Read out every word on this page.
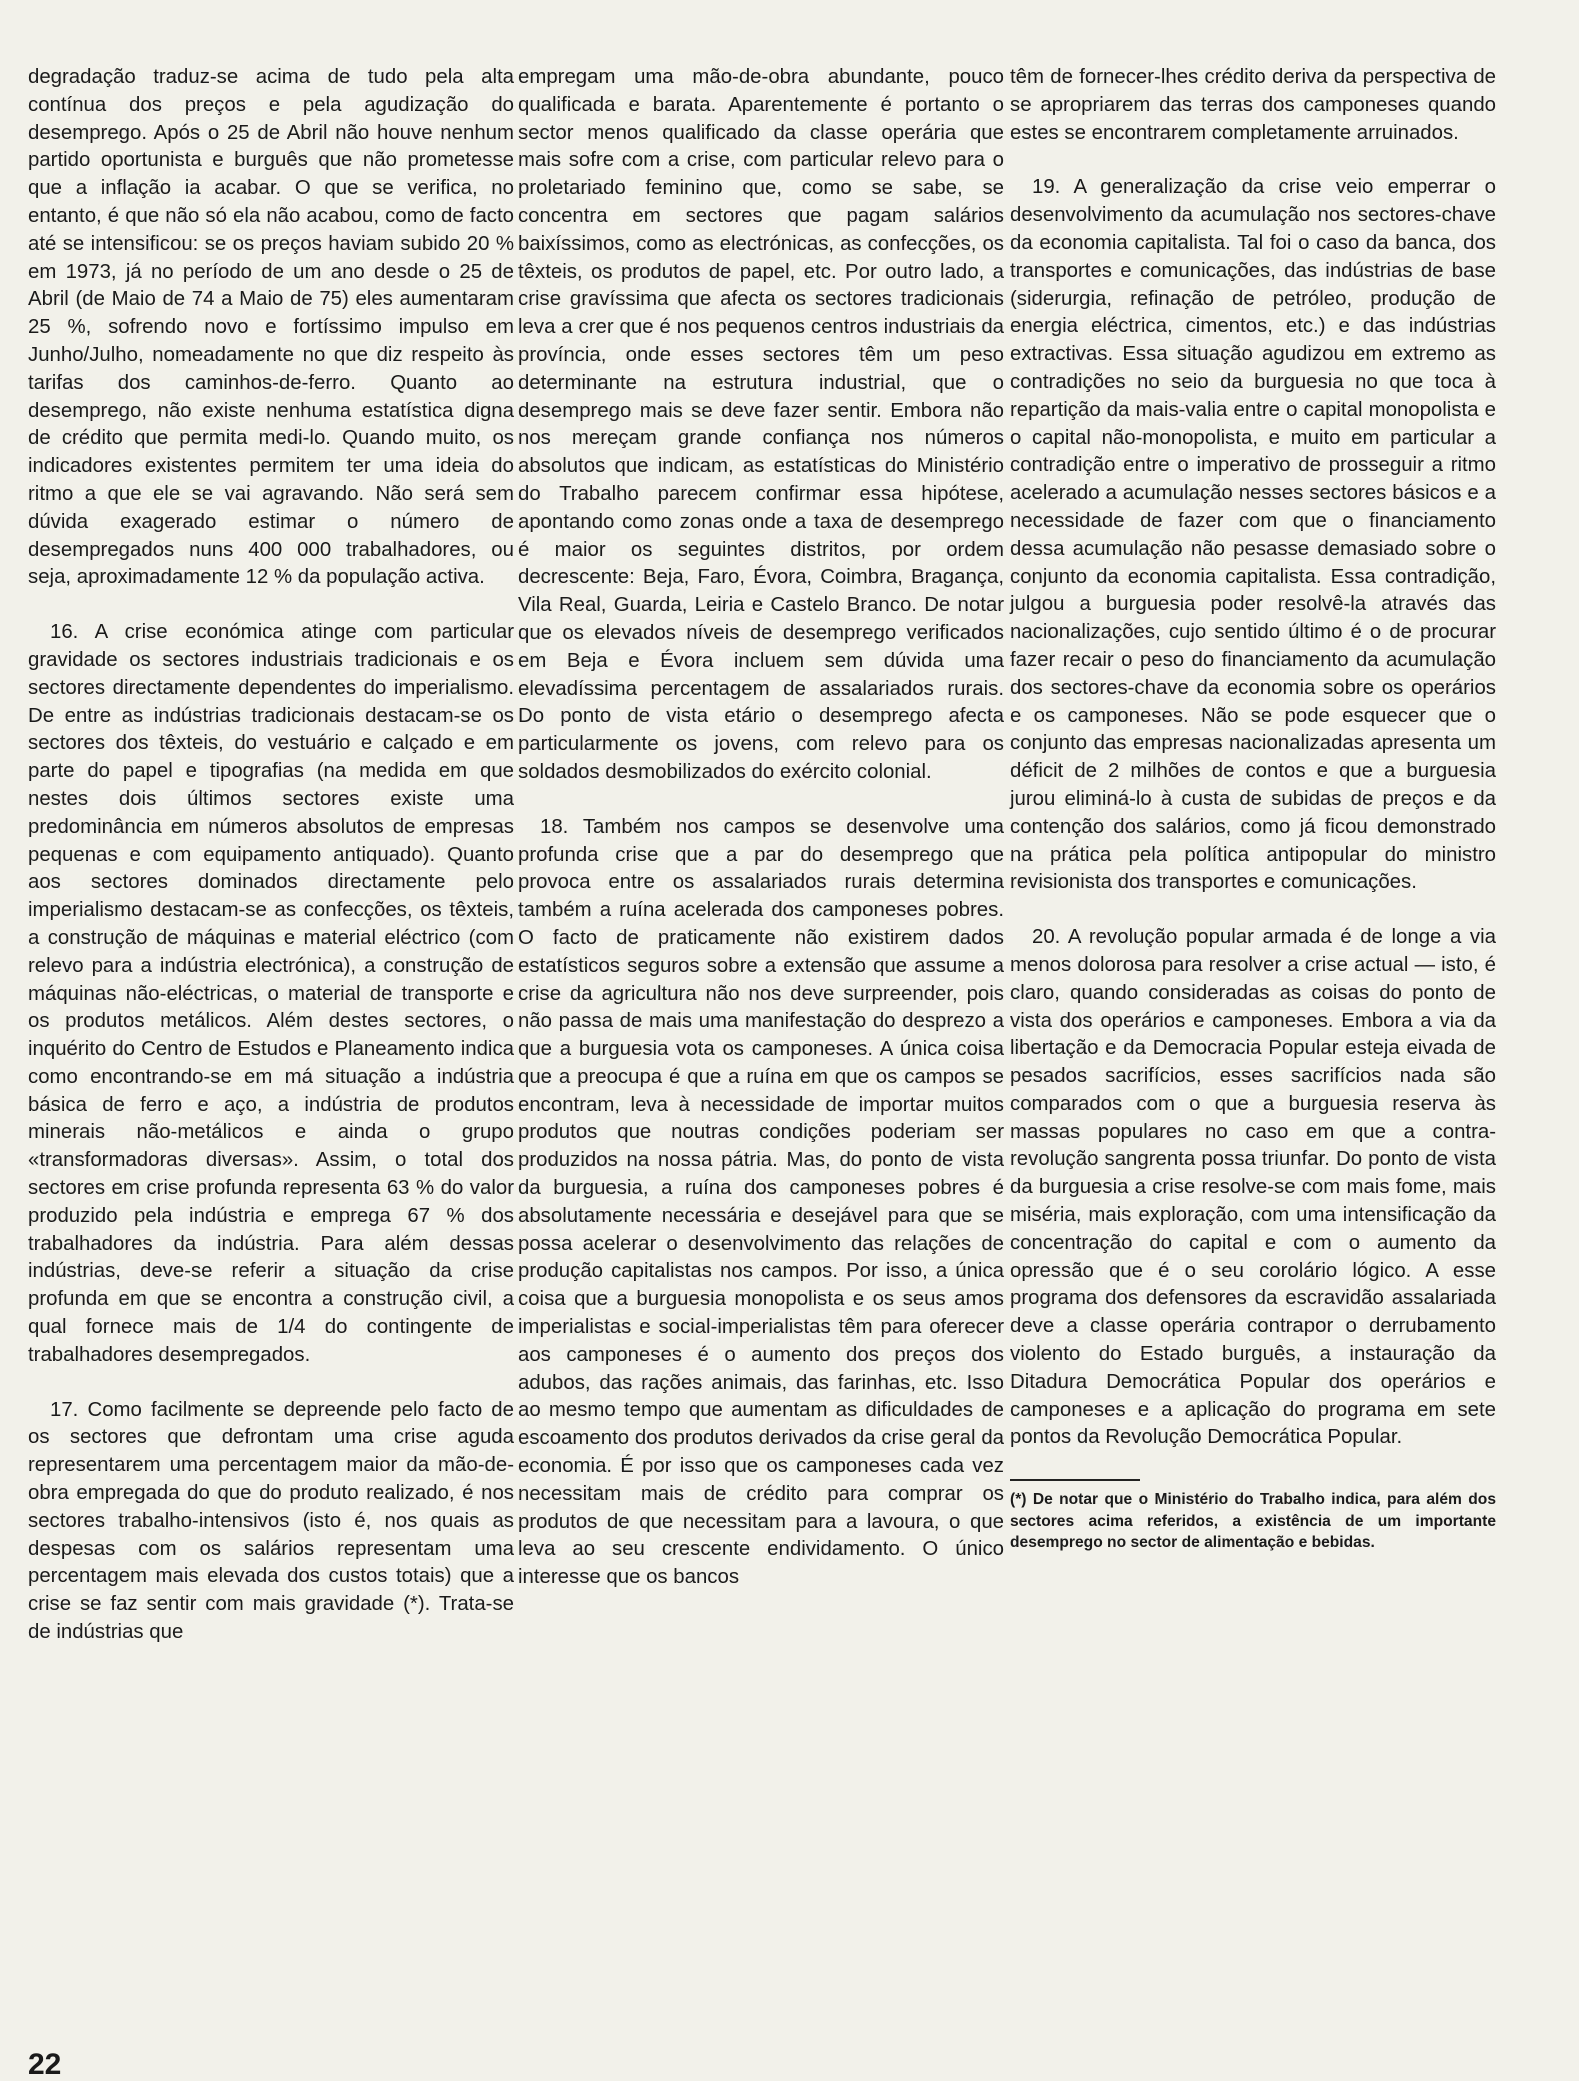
degradação traduz-se acima de tudo pela alta contínua dos preços e pela agudização do desemprego. Após o 25 de Abril não houve nenhum partido oportunista e burguês que não prometesse que a inflação ia acabar. O que se verifica, no entanto, é que não só ela não acabou, como de facto até se intensificou: se os preços haviam subido 20 % em 1973, já no período de um ano desde o 25 de Abril (de Maio de 74 a Maio de 75) eles aumentaram 25 %, sofrendo novo e fortíssimo impulso em Junho/Julho, nomeadamente no que diz respeito às tarifas dos caminhos-de-ferro. Quanto ao desemprego, não existe nenhuma estatística digna de crédito que permita medi-lo. Quando muito, os indicadores existentes permitem ter uma ideia do ritmo a que ele se vai agravando. Não será sem dúvida exagerado estimar o número de desempregados nuns 400 000 trabalhadores, ou seja, aproximadamente 12 % da população activa.

16. A crise económica atinge com particular gravidade os sectores industriais tradicionais e os sectores directamente dependentes do imperialismo. De entre as indústrias tradicionais destacam-se os sectores dos têxteis, do vestuário e calçado e em parte do papel e tipografias (na medida em que nestes dois últimos sectores existe uma predominância em números absolutos de empresas pequenas e com equipamento antiquado). Quanto aos sectores dominados directamente pelo imperialismo destacam-se as confecções, os têxteis, a construção de máquinas e material eléctrico (com relevo para a indústria electrónica), a construção de máquinas não-eléctricas, o material de transporte e os produtos metálicos. Além destes sectores, o inquérito do Centro de Estudos e Planeamento indica como encontrando-se em má situação a indústria básica de ferro e aço, a indústria de produtos minerais não-metálicos e ainda o grupo «transformadoras diversas». Assim, o total dos sectores em crise profunda representa 63 % do valor produzido pela indústria e emprega 67 % dos trabalhadores da indústria. Para além dessas indústrias, deve-se referir a situação da crise profunda em que se encontra a construção civil, a qual fornece mais de 1/4 do contingente de trabalhadores desempregados.

17. Como facilmente se depreende pelo facto de os sectores que defrontam uma crise aguda representarem uma percentagem maior da mão-de-obra empregada do que do produto realizado, é nos sectores trabalho-intensivos (isto é, nos quais as despesas com os salários representam uma percentagem mais elevada dos custos totais) que a crise se faz sentir com mais gravidade (*). Trata-se de indústrias que

empregam uma mão-de-obra abundante, pouco qualificada e barata. Aparentemente é portanto o sector menos qualificado da classe operária que mais sofre com a crise, com particular relevo para o proletariado feminino que, como se sabe, se concentra em sectores que pagam salários baixíssimos, como as electrónicas, as confecções, os têxteis, os produtos de papel, etc. Por outro lado, a crise gravíssima que afecta os sectores tradicionais leva a crer que é nos pequenos centros industriais da província, onde esses sectores têm um peso determinante na estrutura industrial, que o desemprego mais se deve fazer sentir. Embora não nos mereçam grande confiança nos números absolutos que indicam, as estatísticas do Ministério do Trabalho parecem confirmar essa hipótese, apontando como zonas onde a taxa de desemprego é maior os seguintes distritos, por ordem decrescente: Beja, Faro, Évora, Coimbra, Bragança, Vila Real, Guarda, Leiria e Castelo Branco. De notar que os elevados níveis de desemprego verificados em Beja e Évora incluem sem dúvida uma elevadíssima percentagem de assalariados rurais. Do ponto de vista etário o desemprego afecta particularmente os jovens, com relevo para os soldados desmobilizados do exército colonial.

18. Também nos campos se desenvolve uma profunda crise que a par do desemprego que provoca entre os assalariados rurais determina também a ruína acelerada dos camponeses pobres. O facto de praticamente não existirem dados estatísticos seguros sobre a extensão que assume a crise da agricultura não nos deve surpreender, pois não passa de mais uma manifestação do desprezo a que a burguesia vota os camponeses. A única coisa que a preocupa é que a ruína em que os campos se encontram, leva à necessidade de importar muitos produtos que noutras condições poderiam ser produzidos na nossa pátria. Mas, do ponto de vista da burguesia, a ruína dos camponeses pobres é absolutamente necessária e desejável para que se possa acelerar o desenvolvimento das relações de produção capitalistas nos campos. Por isso, a única coisa que a burguesia monopolista e os seus amos imperialistas e social-imperialistas têm para oferecer aos camponeses é o aumento dos preços dos adubos, das rações animais, das farinhas, etc. Isso ao mesmo tempo que aumentam as dificuldades de escoamento dos produtos derivados da crise geral da economia. É por isso que os camponeses cada vez necessitam mais de crédito para comprar os produtos de que necessitam para a lavoura, o que leva ao seu crescente endividamento. O único interesse que os bancos

têm de fornecer-lhes crédito deriva da perspectiva de se apropriarem das terras dos camponeses quando estes se encontrarem completamente arruinados.

19. A generalização da crise veio emperrar o desenvolvimento da acumulação nos sectores-chave da economia capitalista. Tal foi o caso da banca, dos transportes e comunicações, das indústrias de base (siderurgia, refinação de petróleo, produção de energia eléctrica, cimentos, etc.) e das indústrias extractivas. Essa situação agudizou em extremo as contradições no seio da burguesia no que toca à repartição da mais-valia entre o capital monopolista e o capital não-monopolista, e muito em particular a contradição entre o imperativo de prosseguir a ritmo acelerado a acumulação nesses sectores básicos e a necessidade de fazer com que o financiamento dessa acumulação não pesasse demasiado sobre o conjunto da economia capitalista. Essa contradição, julgou a burguesia poder resolvê-la através das nacionalizações, cujo sentido último é o de procurar fazer recair o peso do financiamento da acumulação dos sectores-chave da economia sobre os operários e os camponeses. Não se pode esquecer que o conjunto das empresas nacionalizadas apresenta um déficit de 2 milhões de contos e que a burguesia jurou eliminá-lo à custa de subidas de preços e da contenção dos salários, como já ficou demonstrado na prática pela política antipopular do ministro revisionista dos transportes e comunicações.

20. A revolução popular armada é de longe a via menos dolorosa para resolver a crise actual — isto, é claro, quando consideradas as coisas do ponto de vista dos operários e camponeses. Embora a via da libertação e da Democracia Popular esteja eivada de pesados sacrifícios, esses sacrifícios nada são comparados com o que a burguesia reserva às massas populares no caso em que a contra-revolução sangrenta possa triunfar. Do ponto de vista da burguesia a crise resolve-se com mais fome, mais miséria, mais exploração, com uma intensificação da concentração do capital e com o aumento da opressão que é o seu corolário lógico. A esse programa dos defensores da escravidão assalariada deve a classe operária contrapor o derrubamento violento do Estado burguês, a instauração da Ditadura Democrática Popular dos operários e camponeses e a aplicação do programa em sete pontos da Revolução Democrática Popular.

(*) De notar que o Ministério do Trabalho indica, para além dos sectores acima referidos, a existência de um importante desemprego no sector de alimentação e bebidas.
22
